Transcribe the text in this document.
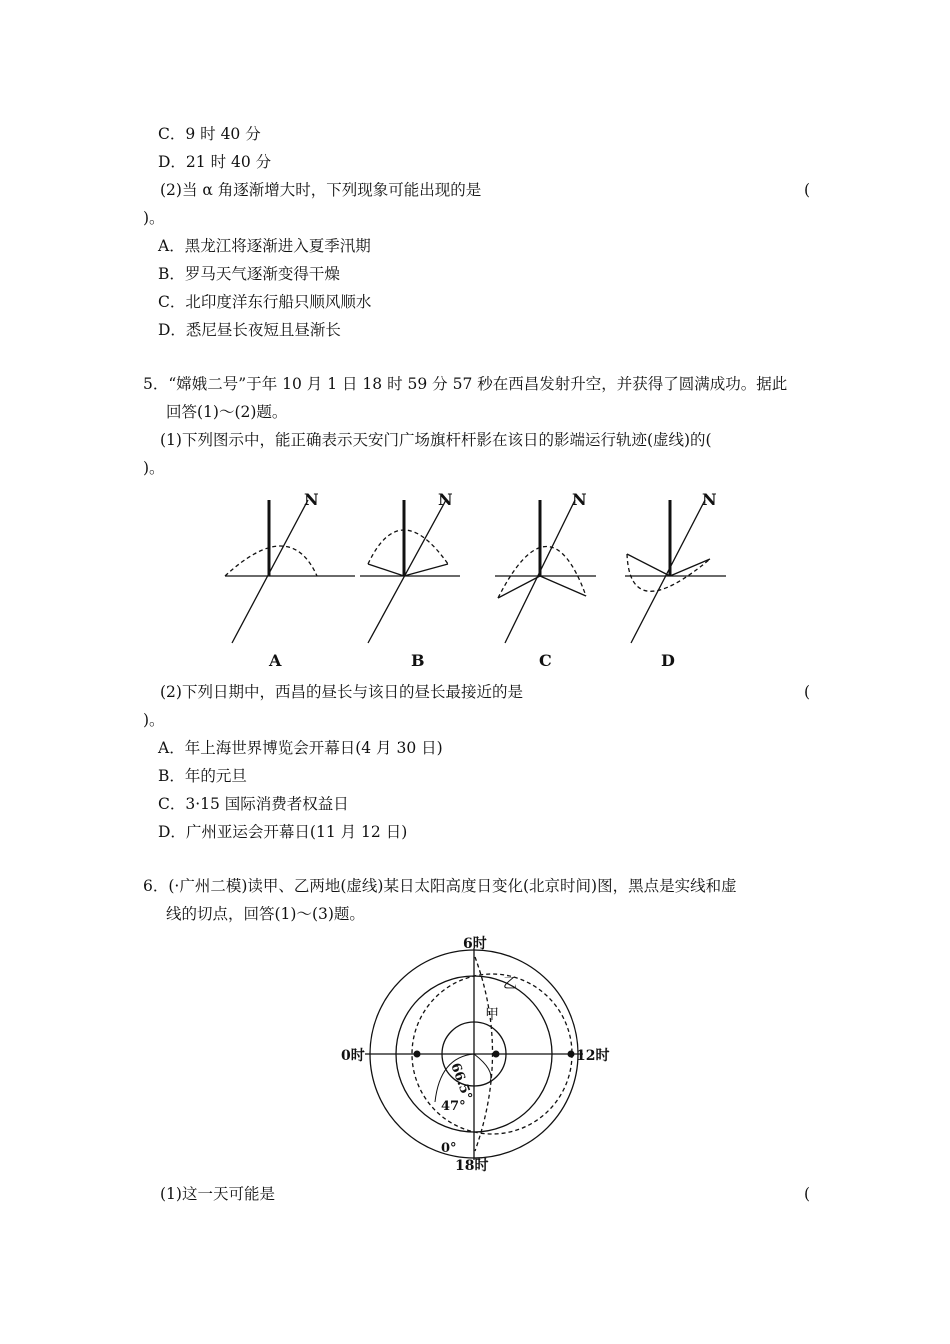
C．9 时 40 分
D．21 时 40 分
(2)当 α 角逐渐增大时，下列现象可能出现的是	(
)。
A．黑龙江将逐渐进入夏季汛期
B．罗马天气逐渐变得干燥
C．北印度洋东行船只顺风顺水
D．悉尼昼长夜短且昼渐长
5．“嫦娥二号”于年 10 月 1 日 18 时 59 分 57 秒在西昌发射升空，并获得了圆满成功。据此
回答(1)～(2)题。
(1)下列图示中，能正确表示天安门广场旗杆杆影在该日的影端运行轨迹(虚线)的(
)。
N	N	N	N
A	B	C	D
(2)下列日期中，西昌的昼长与该日的昼长最接近的是	(
)。
A．年上海世界博览会开幕日(4 月 30 日)
B．年的元旦
C．3·15 国际消费者权益日
D．广州亚运会开幕日(11 月 12 日)
6．(·广州二模)读甲、乙两地(虚线)某日太阳高度日变化(北京时间)图，黑点是实线和虚
线的切点，回答(1)～(3)题。
6时
12时
18时
0时
0°
47°
66.5°
乙
甲
(1)这一天可能是	(
